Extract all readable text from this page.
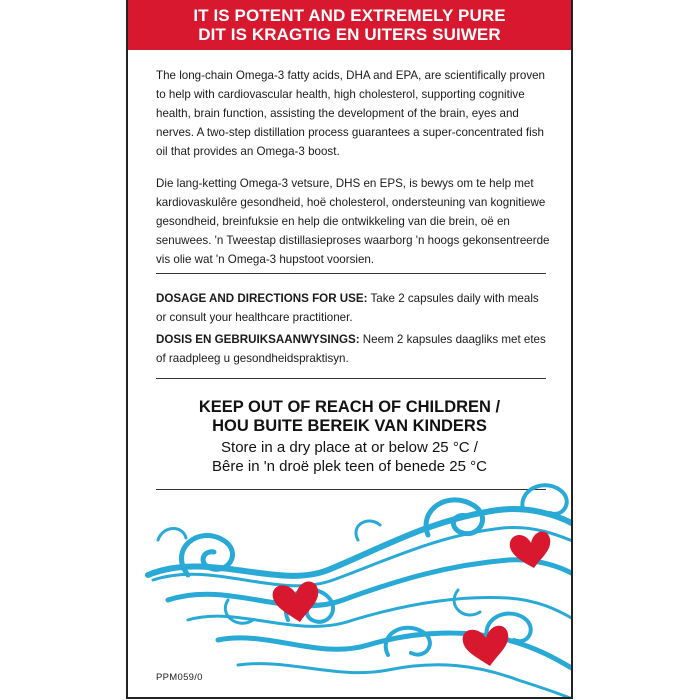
IT IS POTENT AND EXTREMELY PURE
DIT IS KRAGTIG EN UITERS SUIWER
The long-chain Omega-3 fatty acids, DHA and EPA, are scientifically proven to help with cardiovascular health, high cholesterol, supporting cognitive health, brain function, assisting the development of the brain, eyes and nerves. A two-step distillation process guarantees a super-concentrated fish oil that provides an Omega-3 boost.
Die lang-ketting Omega-3 vetsure, DHS en EPS, is bewys om te help met kardiovaskulêre gesondheid, hoë cholesterol, ondersteuning van kognitiewe gesondheid, breinfuksie en help die ontwikkeling van die brein, oë en senuwees. 'n Tweestap distillasieproses waarborg 'n hoogs gekonsentreerde vis olie wat 'n Omega-3 hupstoot voorsien.
DOSAGE AND DIRECTIONS FOR USE: Take 2 capsules daily with meals or consult your healthcare practitioner.
DOSIS EN GEBRUIKSAANWYSINGS: Neem 2 kapsules daagliks met etes of raadpleeg u gesondheidspraktisyn.
KEEP OUT OF REACH OF CHILDREN /
HOU BUITE BEREIK VAN KINDERS
Store in a dry place at or below 25 °C /
Bêre in 'n droë plek teen of benede 25 °C
PPM059/0
